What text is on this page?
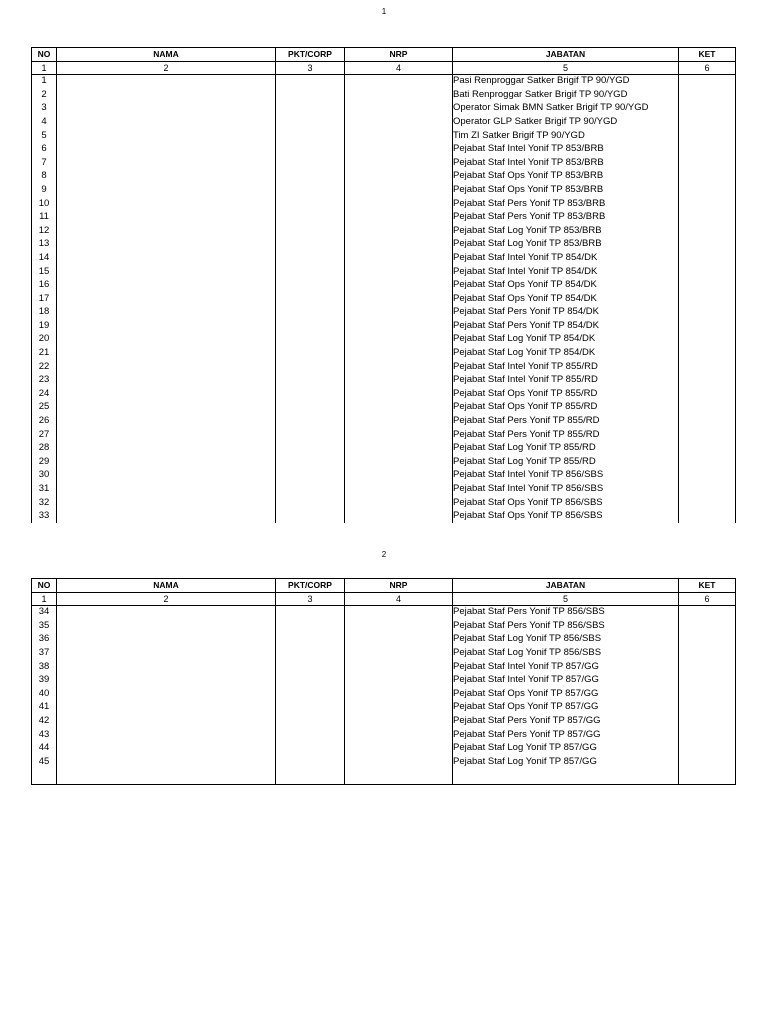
1
NO	NAMA	PKT/CORP	NRP	JABATAN	KET
1	2	3	4	5	6
1				Pasi Renproggar Satker Brigif TP 90/YGD	
2				Bati Renproggar Satker Brigif TP 90/YGD	
3				Operator Simak BMN Satker Brigif TP 90/YGD	
4				Operator GLP Satker Brigif TP 90/YGD	
5				Tim ZI Satker Brigif TP 90/YGD	
6				Pejabat Staf Intel Yonif TP 853/BRB	
7				Pejabat Staf Intel Yonif TP 853/BRB	
8				Pejabat Staf Ops Yonif TP 853/BRB	
9				Pejabat Staf Ops Yonif TP 853/BRB	
10				Pejabat Staf Pers Yonif TP 853/BRB	
11				Pejabat Staf Pers Yonif TP 853/BRB	
12				Pejabat Staf Log Yonif TP 853/BRB	
13				Pejabat Staf Log Yonif TP 853/BRB	
14				Pejabat Staf Intel Yonif TP 854/DK	
15				Pejabat Staf Intel Yonif TP 854/DK	
16				Pejabat Staf Ops Yonif TP 854/DK	
17				Pejabat Staf Ops Yonif TP 854/DK	
18				Pejabat Staf Pers Yonif TP 854/DK	
19				Pejabat Staf Pers Yonif TP 854/DK	
20				Pejabat Staf Log Yonif TP 854/DK	
21				Pejabat Staf Log Yonif TP 854/DK	
22				Pejabat Staf Intel Yonif TP 855/RD	
23				Pejabat Staf Intel Yonif TP 855/RD	
24				Pejabat Staf Ops Yonif TP 855/RD	
25				Pejabat Staf Ops Yonif TP 855/RD	
26				Pejabat Staf Pers Yonif TP 855/RD	
27				Pejabat Staf Pers Yonif TP 855/RD	
28				Pejabat Staf Log Yonif TP 855/RD	
29				Pejabat Staf Log Yonif TP 855/RD	
30				Pejabat Staf Intel Yonif TP 856/SBS	
31				Pejabat Staf Intel Yonif TP 856/SBS	
32				Pejabat Staf Ops Yonif TP 856/SBS	
33				Pejabat Staf Ops Yonif TP 856/SBS	
2
NO	NAMA	PKT/CORP	NRP	JABATAN	KET
1	2	3	4	5	6
34				Pejabat Staf Pers Yonif TP 856/SBS	
35				Pejabat Staf Pers Yonif TP 856/SBS	
36				Pejabat Staf Log Yonif TP 856/SBS	
37				Pejabat Staf Log Yonif TP 856/SBS	
38				Pejabat Staf Intel Yonif TP 857/GG	
39				Pejabat Staf Intel Yonif TP 857/GG	
40				Pejabat Staf Ops Yonif TP 857/GG	
41				Pejabat Staf Ops Yonif TP 857/GG	
42				Pejabat Staf Pers Yonif TP 857/GG	
43				Pejabat Staf Pers Yonif TP 857/GG	
44				Pejabat Staf Log Yonif TP 857/GG	
45				Pejabat Staf Log Yonif TP 857/GG	
